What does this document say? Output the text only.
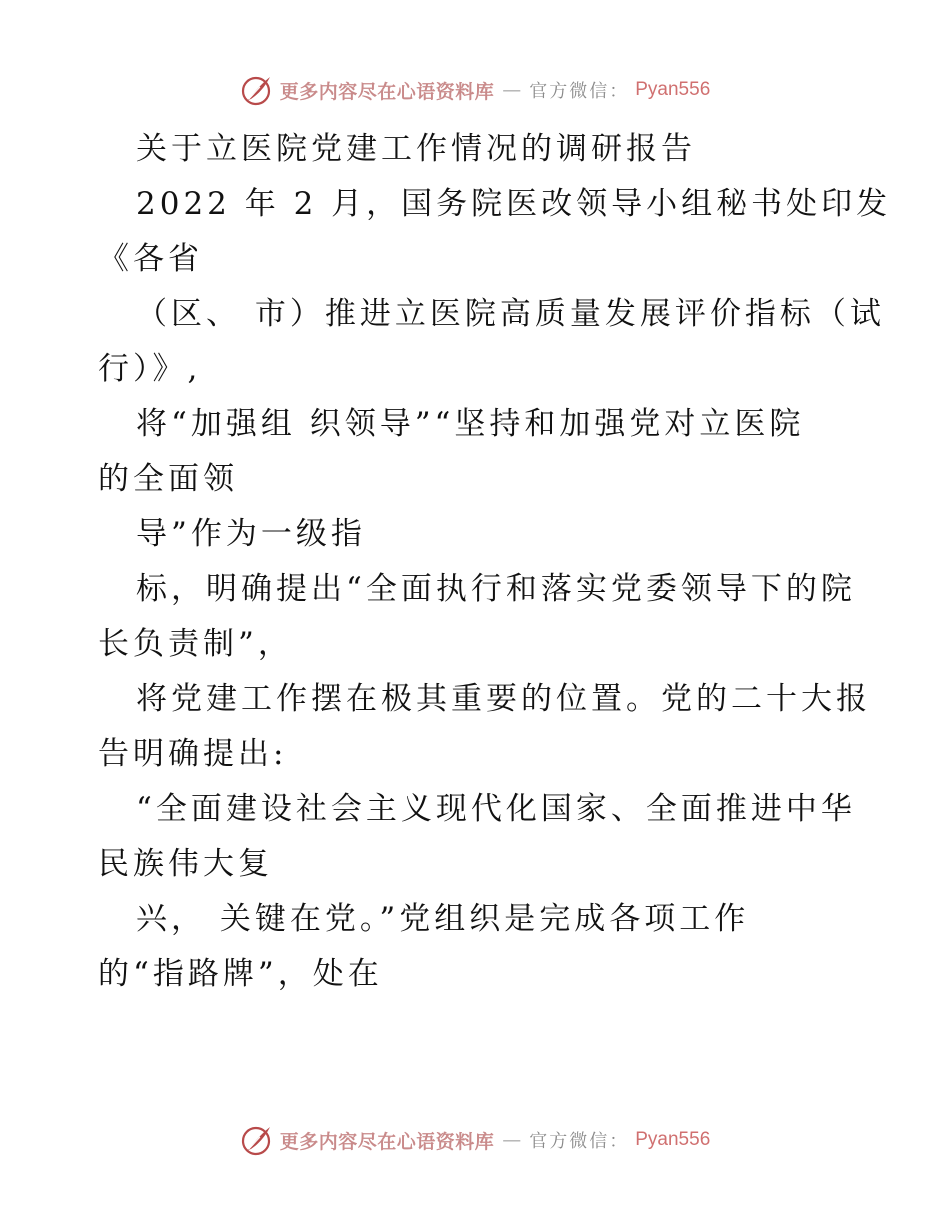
更多内容尽在心语资料库 — 官方微信： Pyan556
关于立医院党建工作情况的调研报告
2022 年 2 月，国务院医改领导小组秘书处印发
《各省
（区、 市）推进立医院高质量发展评价指标（试
行）》,
将“加强组 织领导”“坚持和加强党对立医院
的全面领
导”作为一级指
标，明确提出“全面执行和落实党委领导下的院
长负责制”，
将党建工作摆在极其重要的位置。党的二十大报
告明确提出:
“全面建设社会主义现代化国家、全面推进中华
民族伟大复
兴， 关键在党。”党组织是完成各项工作
的“指路牌”，处在
更多内容尽在心语资料库 — 官方微信： Pyan556
